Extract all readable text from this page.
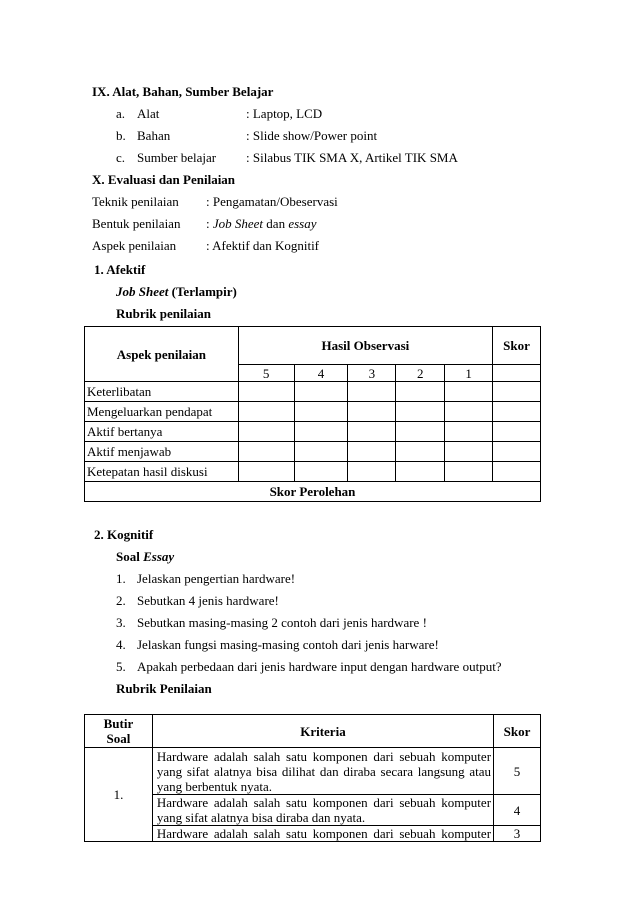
IX. Alat, Bahan, Sumber Belajar
a. Alat	: Laptop, LCD
b. Bahan	: Slide show/Power point
c. Sumber belajar : Silabus TIK SMA X, Artikel TIK SMA
X. Evaluasi dan Penilaian
Teknik penilaian : Pengamatan/Obeservasi
Bentuk penilaian : Job Sheet dan essay
Aspek penilaian : Afektif dan Kognitif
1. Afektif
Job Sheet (Terlampir)
Rubrik penilaian
Aspek penilaian	Hasil Observasi					Skor
	5	4	3	2	1	
Keterlibatan						
Mengeluarkan pendapat						
Aktif bertanya						
Aktif menjawab						
Ketepatan hasil diskusi						
Skor Perolehan						
2. Kognitif
Soal Essay
1. Jelaskan pengertian hardware!
2. Sebutkan 4 jenis hardware!
3. Sebutkan masing-masing 2 contoh dari jenis hardware !
4. Jelaskan fungsi masing-masing contoh dari jenis harware!
5. Apakah perbedaan dari jenis hardware input dengan hardware output?
Rubrik Penilaian
Butir
Soal	Kriteria	Skor
1.	Hardware adalah salah satu komponen dari sebuah komputer
yang sifat alatnya bisa dilihat dan diraba secara langsung atau
yang berbentuk nyata.	5

	Hardware adalah salah satu komponen dari sebuah komputer
yang sifat alatnya bisa diraba dan nyata.	4

	Hardware adalah salah satu komponen dari sebuah komputer	3
